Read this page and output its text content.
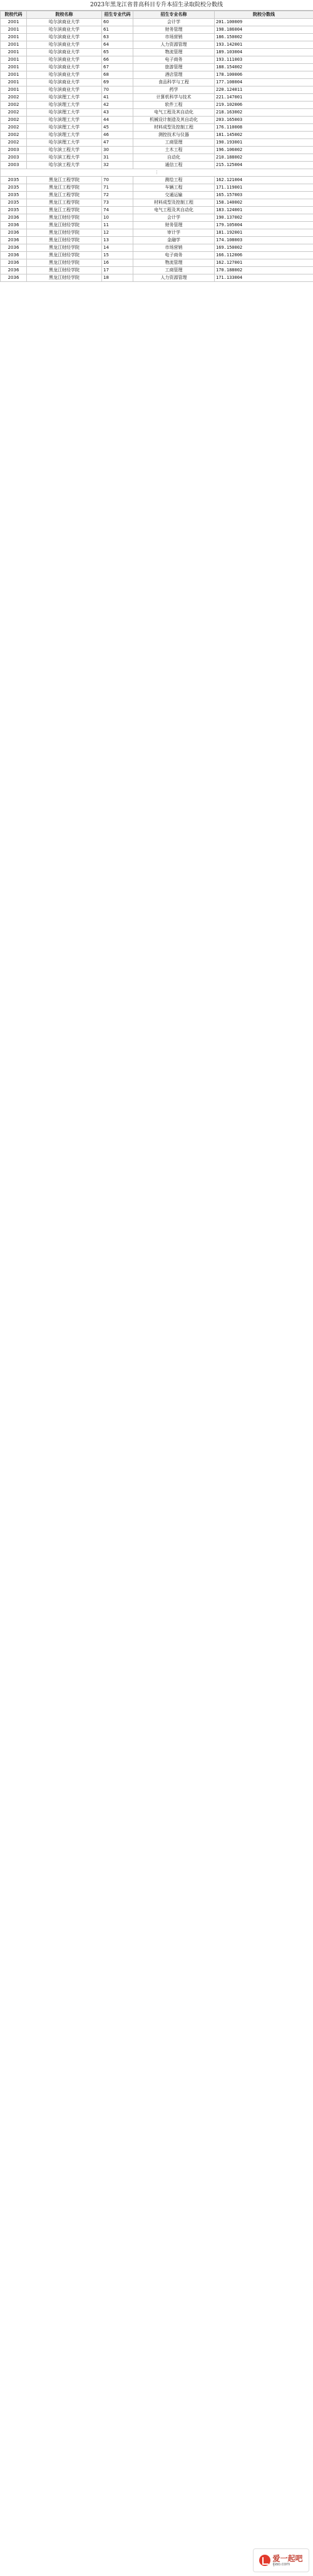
2023年黑龙江省普高科目专升本招生录取院校分数线
院校代码	院校名称	招生专业代码	招生专业名称	院校分数线
2001	哈尔滨商业大学	60	会计学	201.100009
2001	哈尔滨商业大学	61	财务管理	198.186004
2001	哈尔滨商业大学	63	市场营销	186.150002
2001	哈尔滨商业大学	64	人力资源管理	193.142001
2001	哈尔滨商业大学	65	物流管理	189.103004
2001	哈尔滨商业大学	66	电子商务	193.111003
2001	哈尔滨商业大学	67	旅游管理	188.154002
2001	哈尔滨商业大学	68	酒店管理	178.100006
2001	哈尔滨商业大学	69	食品科学与工程	177.108004
2001	哈尔滨商业大学	70	药学	220.124011
2002	哈尔滨理工大学	41	计算机科学与技术	221.147001
2002	哈尔滨理工大学	42	软件工程	219.102006
2002	哈尔滨理工大学	43	电气工程及其自动化	218.163002
2002	哈尔滨理工大学	44	机械设计制造及其自动化	203.165003
2002	哈尔滨理工大学	45	材料成型及控制工程	176.110008
2002	哈尔滨理工大学	46	测控技术与仪器	181.145002
2002	哈尔滨理工大学	47	工商管理	190.193001
2003	哈尔滨工程大学	30	土木工程	196.106002
2003	哈尔滨工程大学	31	自动化	210.188002
2003	哈尔滨工程大学	32	通信工程	215.125004
⋮				
2035	黑龙江工程学院	70	测绘工程	162.121004
2035	黑龙江工程学院	71	车辆工程	171.119001
2035	黑龙江工程学院	72	交通运输	165.157003
2035	黑龙江工程学院	73	材料成型及控制工程	158.140002
2035	黑龙江工程学院	74	电气工程及其自动化	183.124001
2036	黑龙江财经学院	10	会计学	190.137002
2036	黑龙江财经学院	11	财务管理	179.105004
2036	黑龙江财经学院	12	审计学	181.192001
2036	黑龙江财经学院	13	金融学	174.108003
2036	黑龙江财经学院	14	市场营销	169.150002
2036	黑龙江财经学院	15	电子商务	166.112006
2036	黑龙江财经学院	16	物流管理	162.127001
2036	黑龙江财经学院	17	工商管理	170.188002
2036	黑龙江财经学院	18	人力资源管理	171.133004
爱一起吧
ijiao.com
